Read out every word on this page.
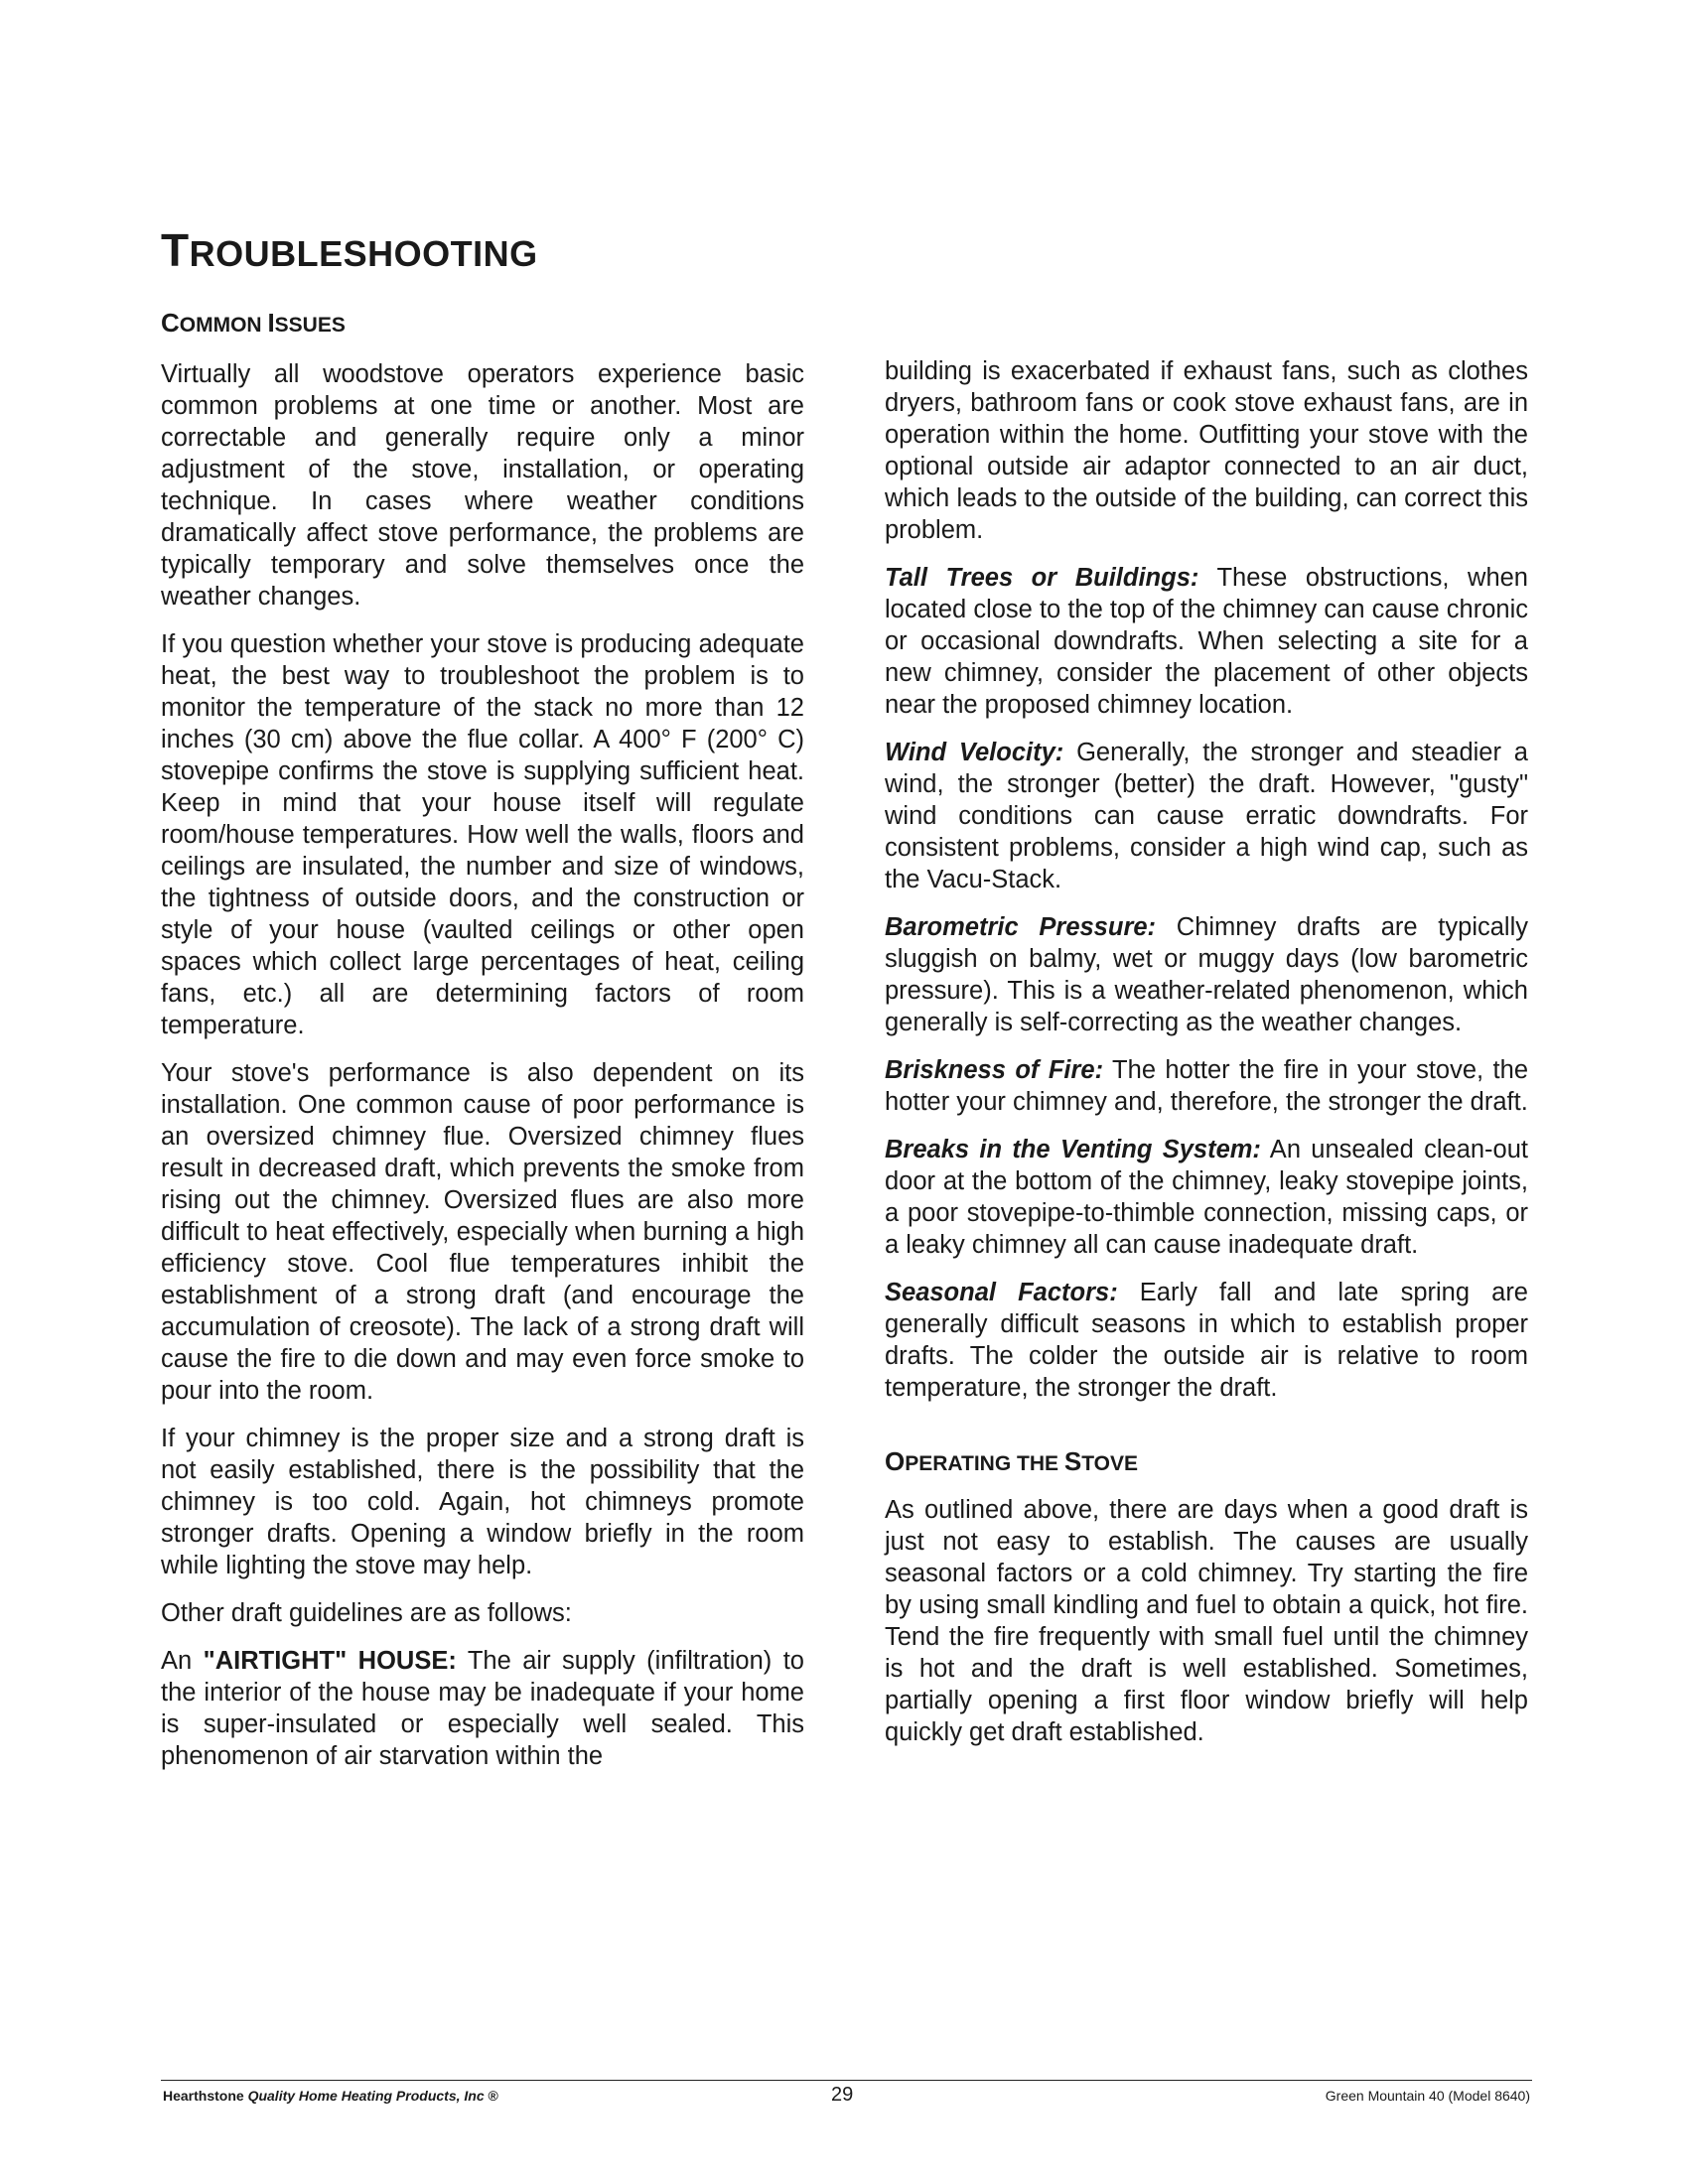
TROUBLESHOOTING
COMMON ISSUES

Virtually all woodstove operators experience basic common problems at one time or another. Most are correctable and generally require only a minor adjustment of the stove, installation, or operating technique. In cases where weather conditions dramatically affect stove performance, the problems are typically temporary and solve themselves once the weather changes.

If you question whether your stove is producing adequate heat, the best way to troubleshoot the problem is to monitor the temperature of the stack no more than 12 inches (30 cm) above the flue collar. A 400° F (200° C) stovepipe confirms the stove is supplying sufficient heat. Keep in mind that your house itself will regulate room/house temperatures. How well the walls, floors and ceilings are insulated, the number and size of windows, the tightness of outside doors, and the construction or style of your house (vaulted ceilings or other open spaces which collect large percentages of heat, ceiling fans, etc.) all are determining factors of room temperature.

Your stove's performance is also dependent on its installation. One common cause of poor performance is an oversized chimney flue. Oversized chimney flues result in decreased draft, which prevents the smoke from rising out the chimney. Oversized flues are also more difficult to heat effectively, especially when burning a high efficiency stove. Cool flue temperatures inhibit the establishment of a strong draft (and encourage the accumulation of creosote). The lack of a strong draft will cause the fire to die down and may even force smoke to pour into the room.

If your chimney is the proper size and a strong draft is not easily established, there is the possibility that the chimney is too cold. Again, hot chimneys promote stronger drafts. Opening a window briefly in the room while lighting the stove may help.

Other draft guidelines are as follows:

An "AIRTIGHT" HOUSE: The air supply (infiltration) to the interior of the house may be inadequate if your home is super-insulated or especially well sealed. This phenomenon of air starvation within the

building is exacerbated if exhaust fans, such as clothes dryers, bathroom fans or cook stove exhaust fans, are in operation within the home. Outfitting your stove with the optional outside air adaptor connected to an air duct, which leads to the outside of the building, can correct this problem.

Tall Trees or Buildings: These obstructions, when located close to the top of the chimney can cause chronic or occasional downdrafts. When selecting a site for a new chimney, consider the placement of other objects near the proposed chimney location.

Wind Velocity: Generally, the stronger and steadier a wind, the stronger (better) the draft. However, "gusty" wind conditions can cause erratic downdrafts. For consistent problems, consider a high wind cap, such as the Vacu-Stack.

Barometric Pressure: Chimney drafts are typically sluggish on balmy, wet or muggy days (low barometric pressure). This is a weather-related phenomenon, which generally is self-correcting as the weather changes.

Briskness of Fire: The hotter the fire in your stove, the hotter your chimney and, therefore, the stronger the draft.

Breaks in the Venting System: An unsealed clean-out door at the bottom of the chimney, leaky stovepipe joints, a poor stovepipe-to-thimble connection, missing caps, or a leaky chimney all can cause inadequate draft.

Seasonal Factors: Early fall and late spring are generally difficult seasons in which to establish proper drafts. The colder the outside air is relative to room temperature, the stronger the draft.

OPERATING THE STOVE

As outlined above, there are days when a good draft is just not easy to establish. The causes are usually seasonal factors or a cold chimney. Try starting the fire by using small kindling and fuel to obtain a quick, hot fire. Tend the fire frequently with small fuel until the chimney is hot and the draft is well established. Sometimes, partially opening a first floor window briefly will help quickly get draft established.

Hearthstone Quality Home Heating Products, Inc ®	29	Green Mountain 40 (Model 8640)
